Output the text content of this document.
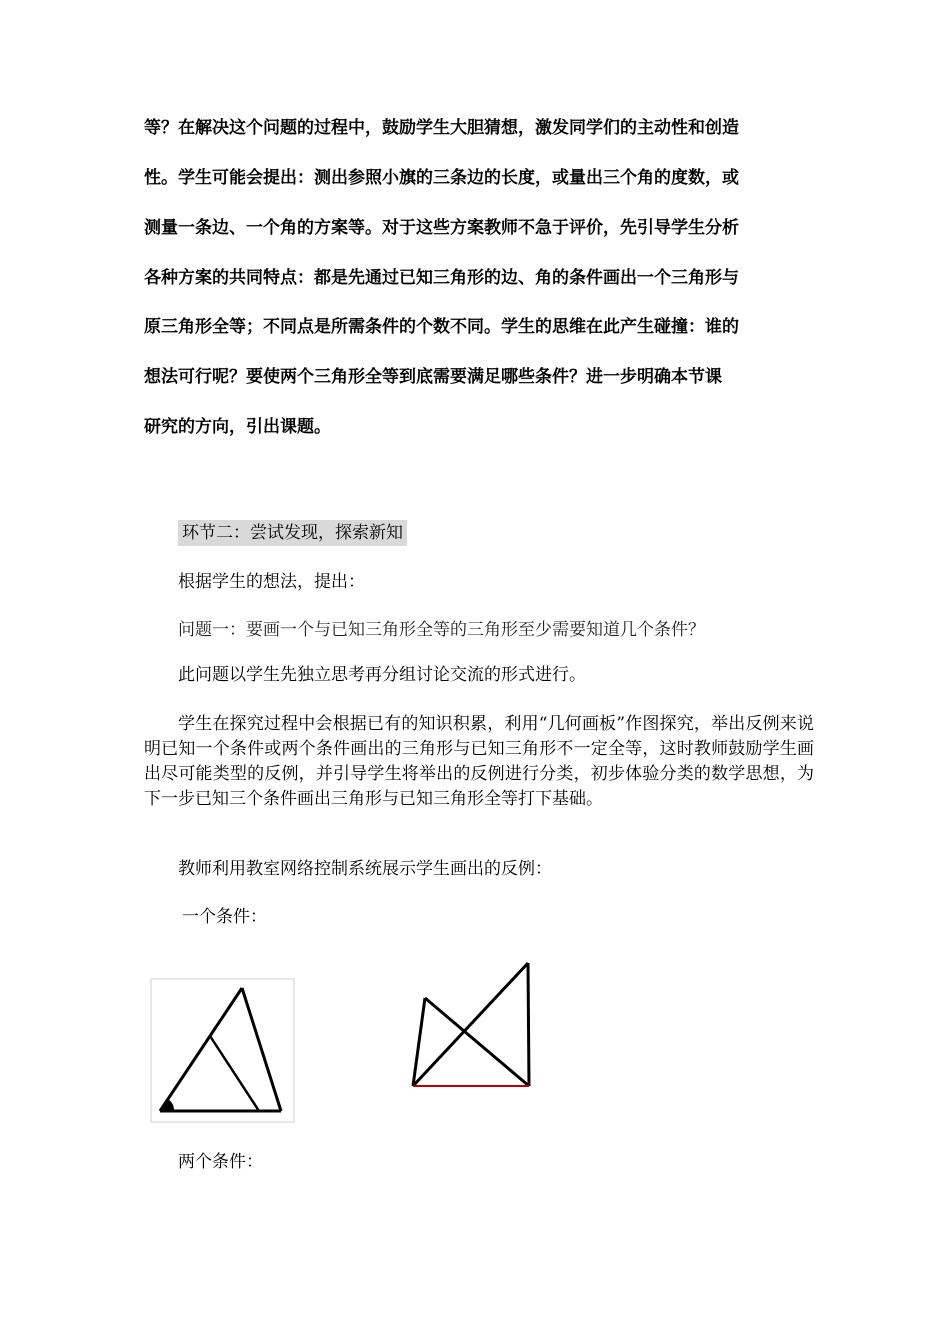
等？在解决这个问题的过程中，鼓励学生大胆猜想，激发同学们的主动性和创造

性。学生可能会提出：测出参照小旗的三条边的长度，或量出三个角的度数，或

测量一条边、一个角的方案等。对于这些方案教师不急于评价，先引导学生分析

各种方案的共同特点：都是先通过已知三角形的边、角的条件画出一个三角形与

原三角形全等；不同点是所需条件的个数不同。学生的思维在此产生碰撞：谁的

想法可行呢？要使两个三角形全等到底需要满足哪些条件？进一步明确本节课

研究的方向，引出课题。

环节二：尝试发现，探索新知

根据学生的想法，提出：

问题一：要画一个与已知三角形全等的三角形至少需要知道几个条件？

此问题以学生先独立思考再分组讨论交流的形式进行。

学生在探究过程中会根据已有的知识积累，利用“几何画板”作图探究，举出反例来说明已知一个条件或两个条件画出的三角形与已知三角形不一定全等，这时教师鼓励学生画出尽可能类型的反例，并引导学生将举出的反例进行分类，初步体验分类的数学思想，为下一步已知三个条件画出三角形与已知三角形全等打下基础。

教师利用教室网络控制系统展示学生画出的反例：

一个条件：

两个条件：
